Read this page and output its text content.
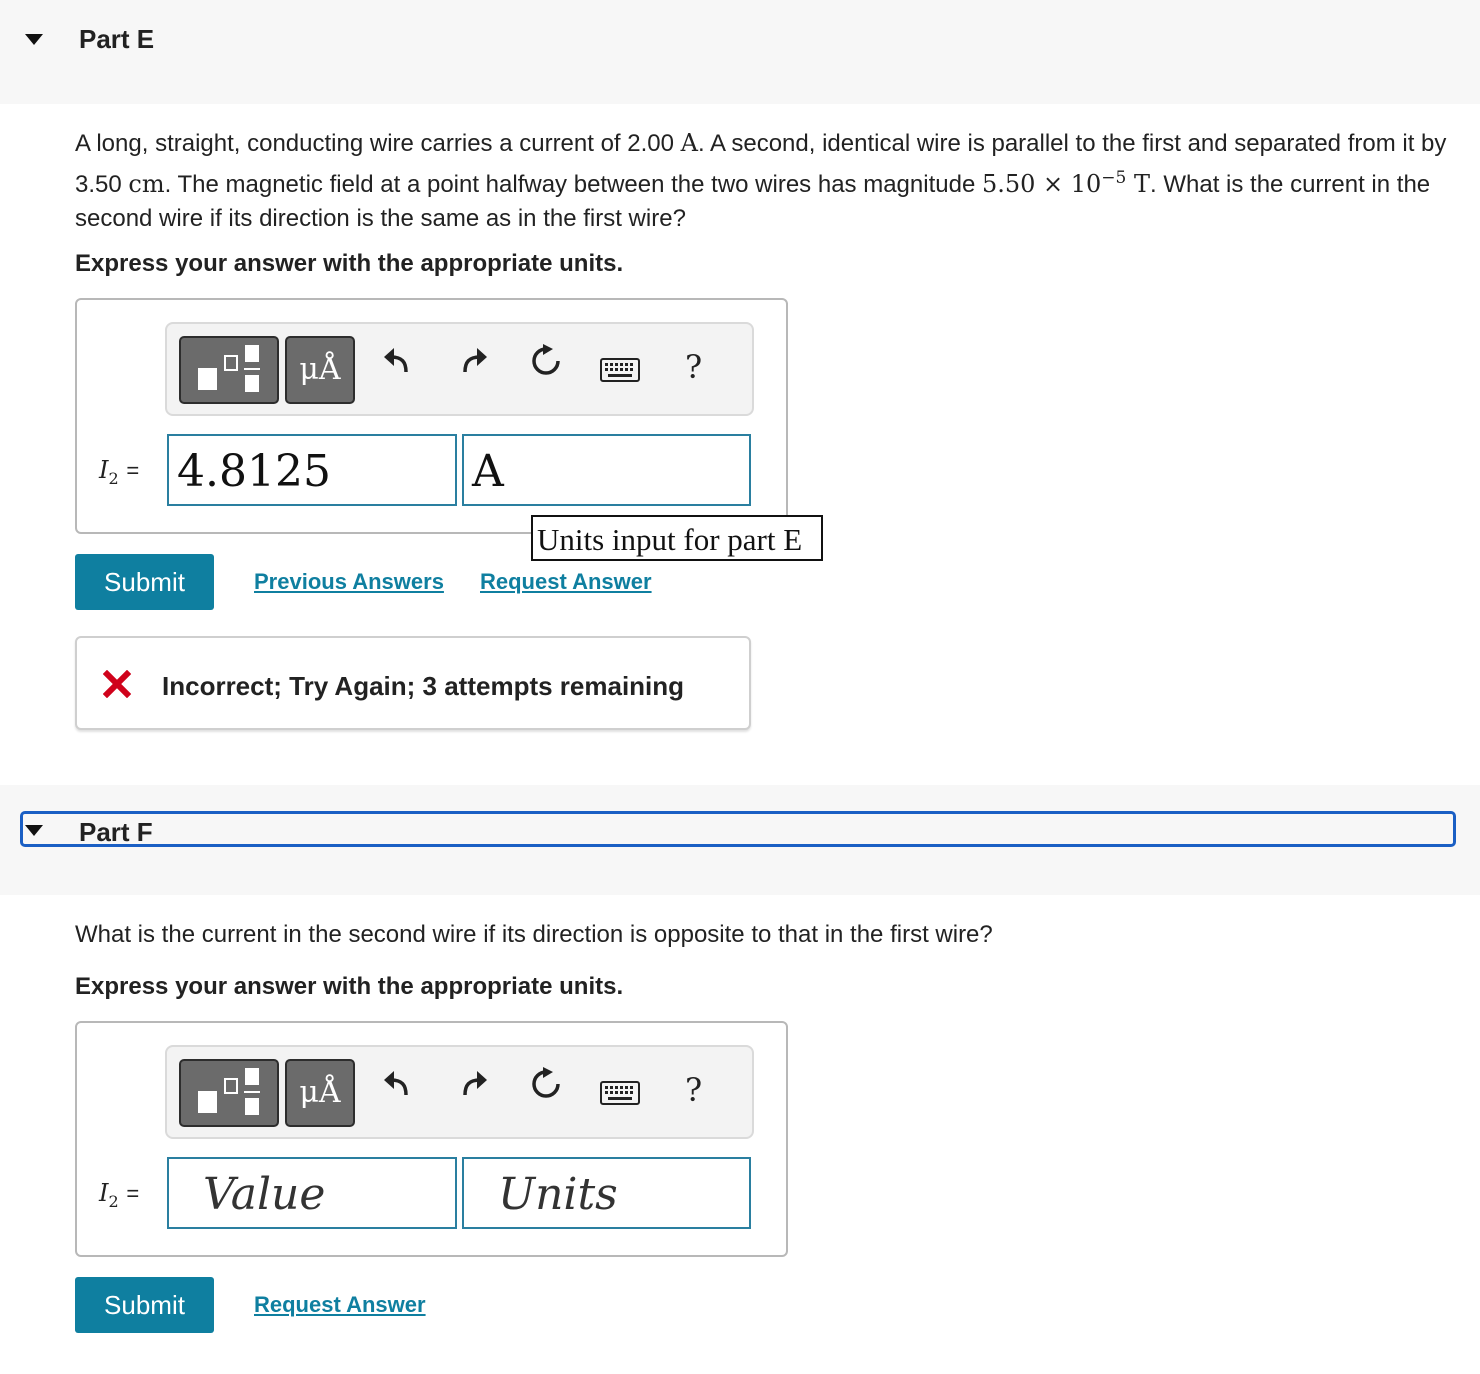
Part E
A long, straight, conducting wire carries a current of 2.00 A. A second, identical wire is parallel to the first and separated from it by 3.50 cm. The magnetic field at a point halfway between the two wires has magnitude $5.50 \times 10^{-5}$ T. What is the current in the second wire if its direction is the same as in the first wire?
Express your answer with the appropriate units.
μÅ	?
$I_2 = 4.8125$	A
Units input for part E
Submit	Previous Answers Request Answer
Incorrect; Try Again; 3 attempts remaining
Part F
What is the current in the second wire if its direction is opposite to that in the first wire?
Express your answer with the appropriate units.
μÅ	?
$I_2$ =	Value	Units
Submit	Request Answer
